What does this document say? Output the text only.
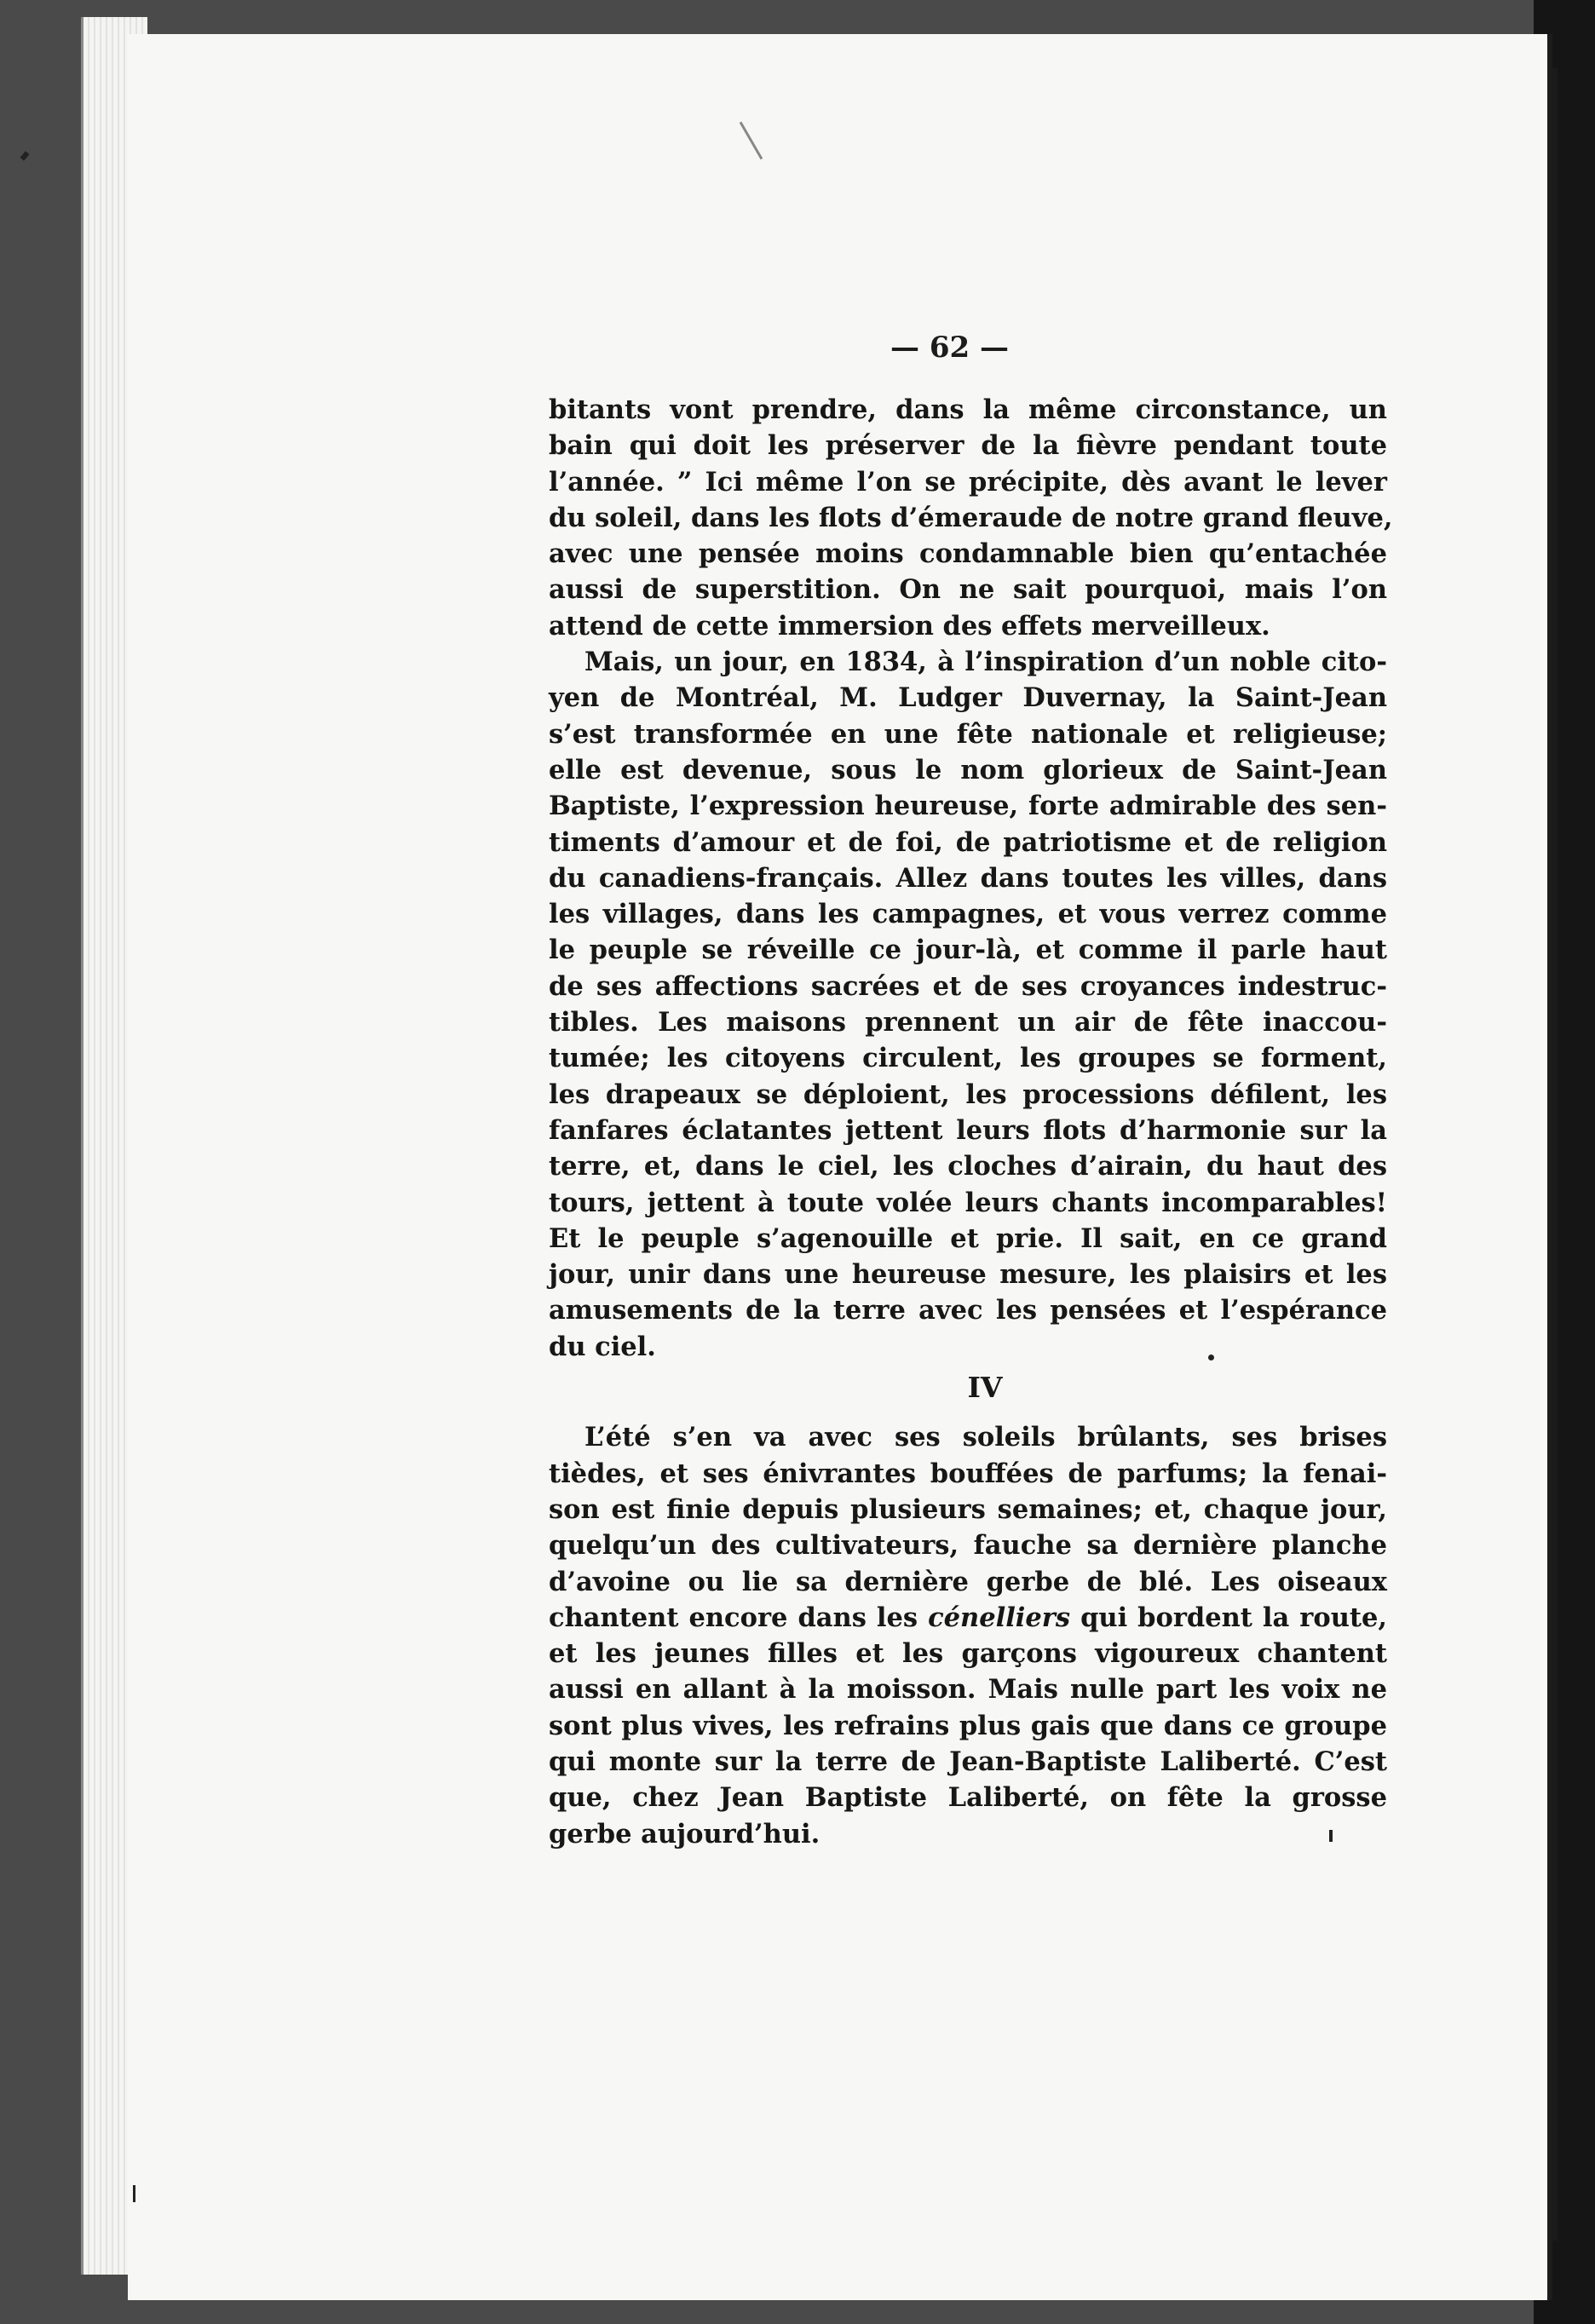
— 62 —
bitants vont prendre, dans la même circonstance, un
bain qui doit les préserver de la fièvre pendant toute
l’année. ” Ici même l’on se précipite, dès avant le lever
du soleil, dans les flots d’émeraude de notre grand fleuve,
avec une pensée moins condamnable bien qu’entachée
aussi de superstition. On ne sait pourquoi, mais l’on
attend de cette immersion des effets merveilleux.
Mais, un jour, en 1834, à l’inspiration d’un noble cito-
yen de Montréal, M. Ludger Duvernay, la Saint-Jean
s’est transformée en une fête nationale et religieuse;
elle est devenue, sous le nom glorieux de Saint-Jean
Baptiste, l’expression heureuse, forte admirable des sen-
timents d’amour et de foi, de patriotisme et de religion
du canadiens-français. Allez dans toutes les villes, dans
les villages, dans les campagnes, et vous verrez comme
le peuple se réveille ce jour-là, et comme il parle haut
de ses affections sacrées et de ses croyances indestruc-
tibles. Les maisons prennent un air de fête inaccou-
tumée; les citoyens circulent, les groupes se forment,
les drapeaux se déploient, les processions défilent, les
fanfares éclatantes jettent leurs flots d’harmonie sur la
terre, et, dans le ciel, les cloches d’airain, du haut des
tours, jettent à toute volée leurs chants incomparables!
Et le peuple s’agenouille et prie. Il sait, en ce grand
jour, unir dans une heureuse mesure, les plaisirs et les
amusements de la terre avec les pensées et l’espérance
du ciel.
IV
L’été s’en va avec ses soleils brûlants, ses brises
tièdes, et ses énivrantes bouffées de parfums; la fenai-
son est finie depuis plusieurs semaines; et, chaque jour,
quelqu’un des cultivateurs, fauche sa dernière planche
d’avoine ou lie sa dernière gerbe de blé. Les oiseaux
chantent encore dans les cénelliers qui bordent la route,
et les jeunes filles et les garçons vigoureux chantent
aussi en allant à la moisson. Mais nulle part les voix ne
sont plus vives, les refrains plus gais que dans ce groupe
qui monte sur la terre de Jean-Baptiste Laliberté. C’est
que, chez Jean Baptiste Laliberté, on fête la grosse
gerbe aujourd’hui.
